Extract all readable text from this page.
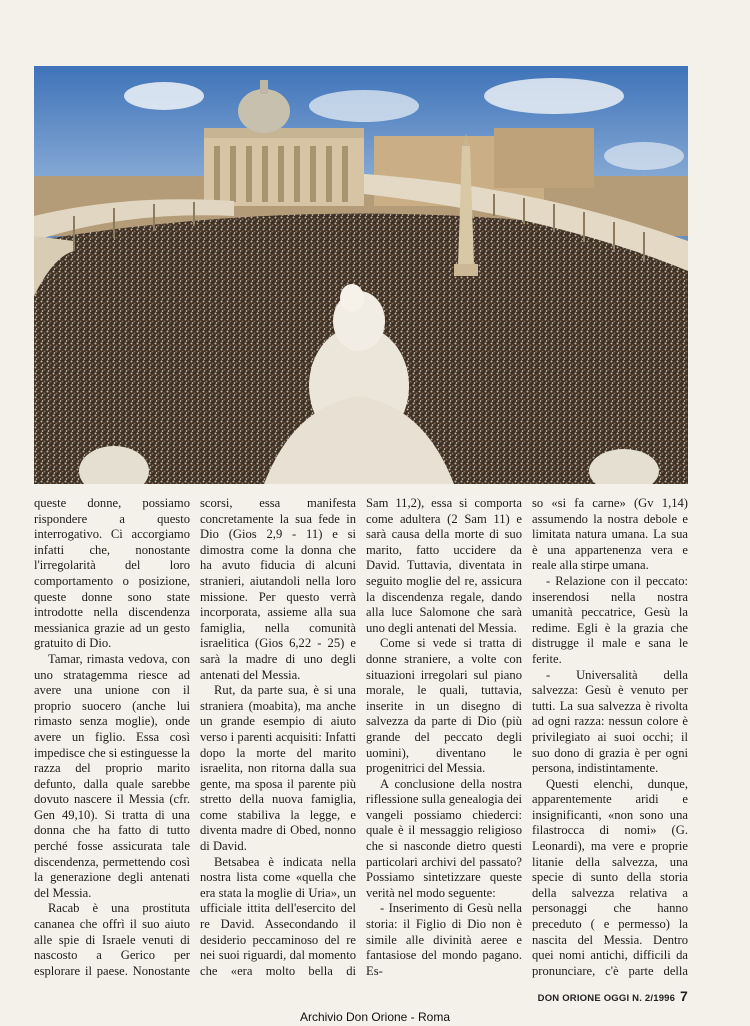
queste donne, possiamo rispondere a questo interrogativo. Ci accorgiamo infatti che, nonostante l'irregolarità del loro comportamento o posizione, queste donne sono state introdotte nella discendenza messianica grazie ad un gesto gratuito di Dio.

Tamar, rimasta vedova, con uno stratagemma riesce ad avere una unione con il proprio suocero (anche lui rimasto senza moglie), onde avere un figlio. Essa così impedisce che si estinguesse la razza del proprio marito defunto, dalla quale sarebbe dovuto nascere il Messia (cfr. Gen 49,10). Si tratta di una donna che ha fatto di tutto perché fosse assicurata tale discendenza, permettendo così la generazione degli antenati del Messia.

Racab è una prostituta cananea che offrì il suo aiuto alle spie di Israele venuti di nascosto a Gerico per esplorare il paese. Nonostante

scorsi, essa manifesta concretamente la sua fede in Dio (Gios 2,9 - 11) e si dimostra come la donna che ha avuto fiducia di alcuni stranieri, aiutandoli nella loro missione. Per questo verrà incorporata, assieme alla sua famiglia, nella comunità israelitica (Gios 6,22 - 25) e sarà la madre di uno degli antenati del Messia.

Rut, da parte sua, è si una straniera (moabita), ma anche un grande esempio di aiuto verso i parenti acquisiti: Infatti dopo la morte del marito israelita, non ritorna dalla sua gente, ma sposa il parente più stretto della nuova famiglia, come stabiliva la legge, e diventa madre di Obed, nonno di David.

Betsabea è indicata nella nostra lista come «quella che era stata la moglie di Uria», un ufficiale ittita dell'esercito del re David. Assecondando il desiderio peccaminoso del re nei suoi riguardi, dal momento che «era molto bella di

Sam 11,2), essa si comporta come adultera (2 Sam 11) e sarà causa della morte di suo marito, fatto uccidere da David. Tuttavia, diventata in seguito moglie del re, assicura la discendenza regale, dando alla luce Salomone che sarà uno degli antenati del Messia.

Come si vede si tratta di donne straniere, a volte con situazioni irregolari sul piano morale, le quali, tuttavia, inserite in un disegno di salvezza da parte di Dio (più grande del peccato degli uomini), diventano le progenitrici del Messia.

A conclusione della nostra riflessione sulla genealogia dei vangeli possiamo chiederci: quale è il messaggio religioso che si nasconde dietro questi particolari archivi del passato? Possiamo sintetizzare queste verità nel modo seguente:

- Inserimento di Gesù nella storia: il Figlio di Dio non è simile alle divinità aeree e fantasiose del mondo pagano. Es-

so «si fa carne» (Gv 1,14) assumendo la nostra debole e limitata natura umana. La sua è una appartenenza vera e reale alla stirpe umana.

- Relazione con il peccato: inserendosi nella nostra umanità peccatrice, Gesù la redime. Egli è la grazia che distrugge il male e sana le ferite.

- Universalità della salvezza: Gesù è venuto per tutti. La sua salvezza è rivolta ad ogni razza: nessun colore è privilegiato ai suoi occhi; il suo dono di grazia è per ogni persona, indistintamente.

Questi elenchi, dunque, apparentemente aridi e insignificanti, «non sono una filastrocca di nomi» (G. Leonardi), ma vere e proprie litanie della salvezza, una specie di sunto della storia della salvezza relativa a personaggi che hanno preceduto ( e permesso) la nascita del Messia. Dentro quei nomi antichi, difficili da pronunciare, c'è parte della

DON ORIONE OGGI N. 2/1996 7
Archivio Don Orione - Roma
